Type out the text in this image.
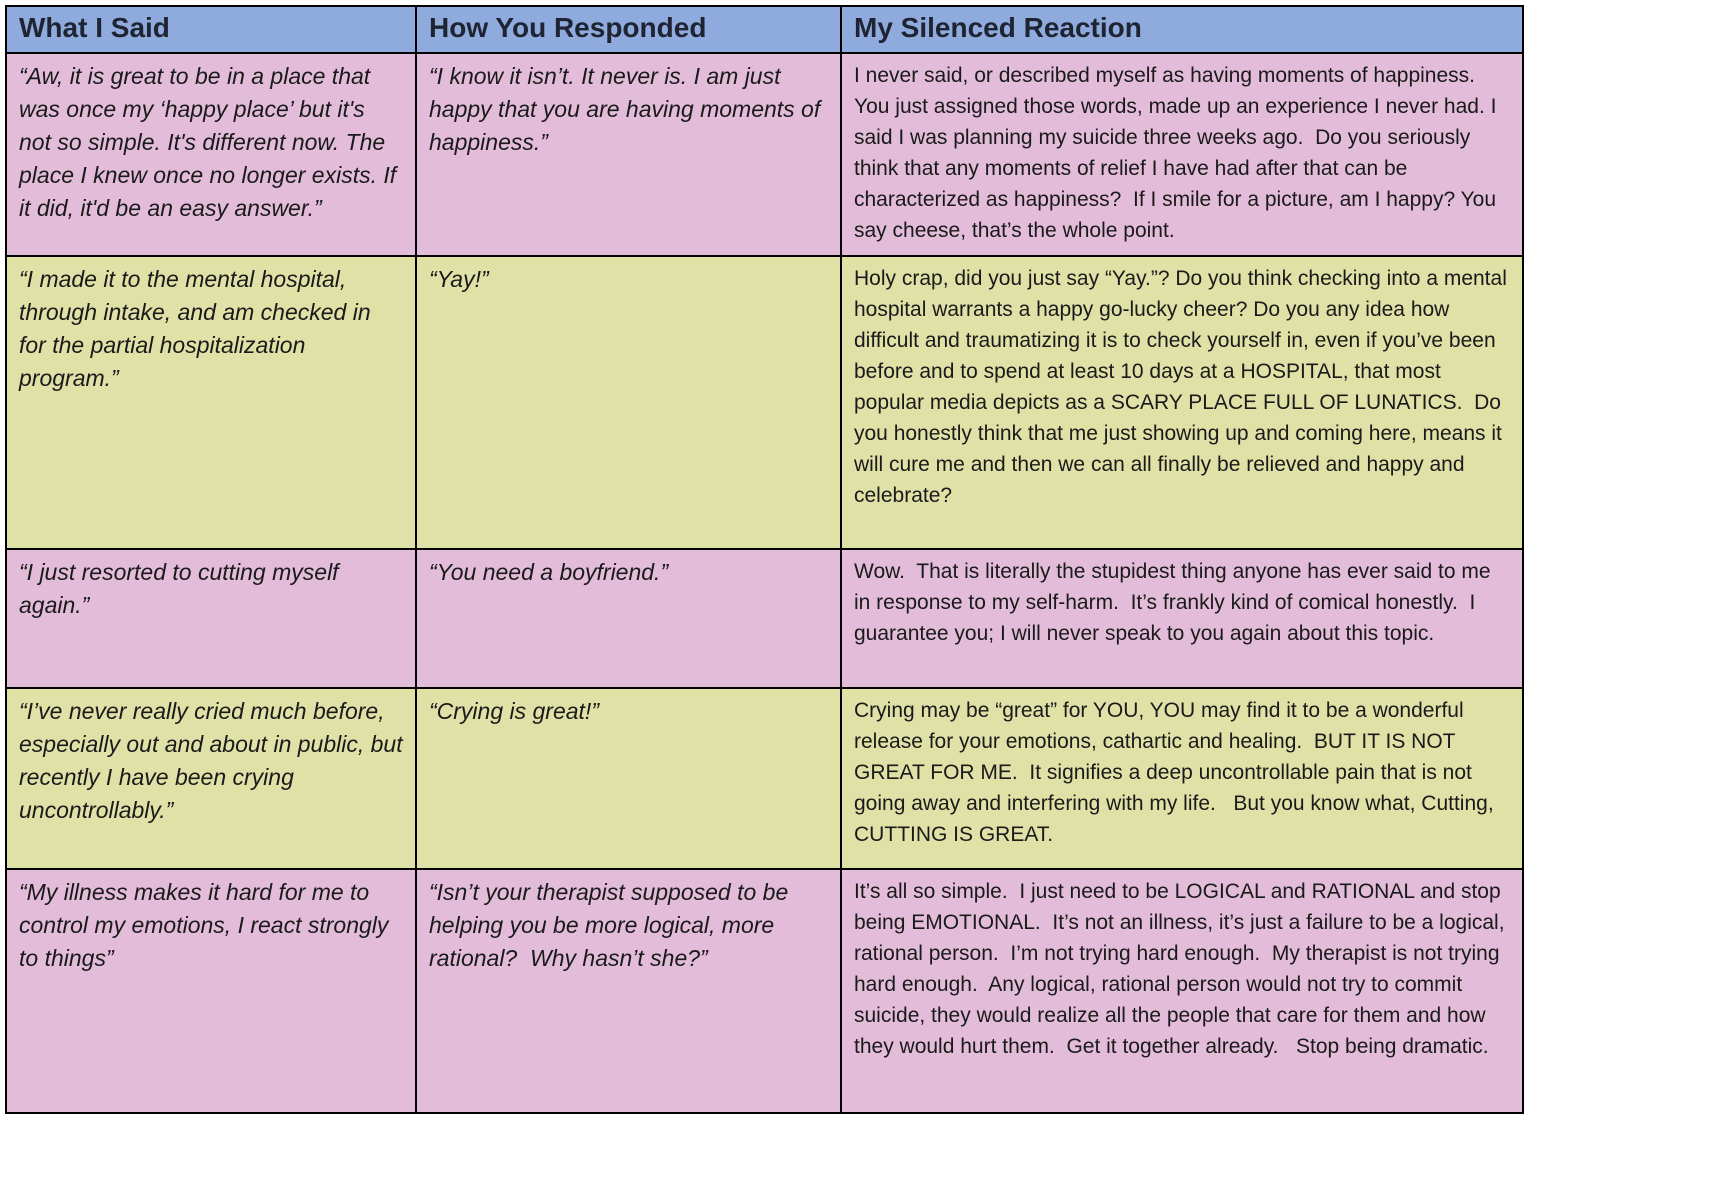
What I Said	How You Responded	My Silenced Reaction
“Aw, it is great to be in a place that was once my ‘happy place’ but it's not so simple. It's different now. The place I knew once no longer exists. If it did, it'd be an easy answer.”	“I know it isn’t. It never is. I am just happy that you are having moments of happiness.”	I never said, or described myself as having moments of happiness. You just assigned those words, made up an experience I never had. I said I was planning my suicide three weeks ago.  Do you seriously think that any moments of relief I have had after that can be characterized as happiness?  If I smile for a picture, am I happy? You say cheese, that’s the whole point.
“I made it to the mental hospital, through intake, and am checked in for the partial hospitalization program.”	“Yay!”	Holy crap, did you just say “Yay.”? Do you think checking into a mental hospital warrants a happy go-lucky cheer? Do you any idea how difficult and traumatizing it is to check yourself in, even if you’ve been before and to spend at least 10 days at a HOSPITAL, that most popular media depicts as a SCARY PLACE FULL OF LUNATICS.  Do you honestly think that me just showing up and coming here, means it will cure me and then we can all finally be relieved and happy and celebrate?
“I just resorted to cutting myself again.”	“You need a boyfriend.”	Wow.  That is literally the stupidest thing anyone has ever said to me in response to my self-harm.  It’s frankly kind of comical honestly.  I guarantee you; I will never speak to you again about this topic.
“I’ve never really cried much before, especially out and about in public, but recently I have been crying uncontrollably.”	“Crying is great!”	Crying may be “great” for YOU, YOU may find it to be a wonderful release for your emotions, cathartic and healing.  BUT IT IS NOT GREAT FOR ME.  It signifies a deep uncontrollable pain that is not going away and interfering with my life.   But you know what, Cutting, CUTTING IS GREAT.
“My illness makes it hard for me to control my emotions, I react strongly to things”	“Isn’t your therapist supposed to be helping you be more logical, more rational?  Why hasn’t she?”	It’s all so simple.  I just need to be LOGICAL and RATIONAL and stop being EMOTIONAL.  It’s not an illness, it’s just a failure to be a logical, rational person.  I’m not trying hard enough.  My therapist is not trying hard enough.  Any logical, rational person would not try to commit suicide, they would realize all the people that care for them and how they would hurt them.  Get it together already.   Stop being dramatic.
